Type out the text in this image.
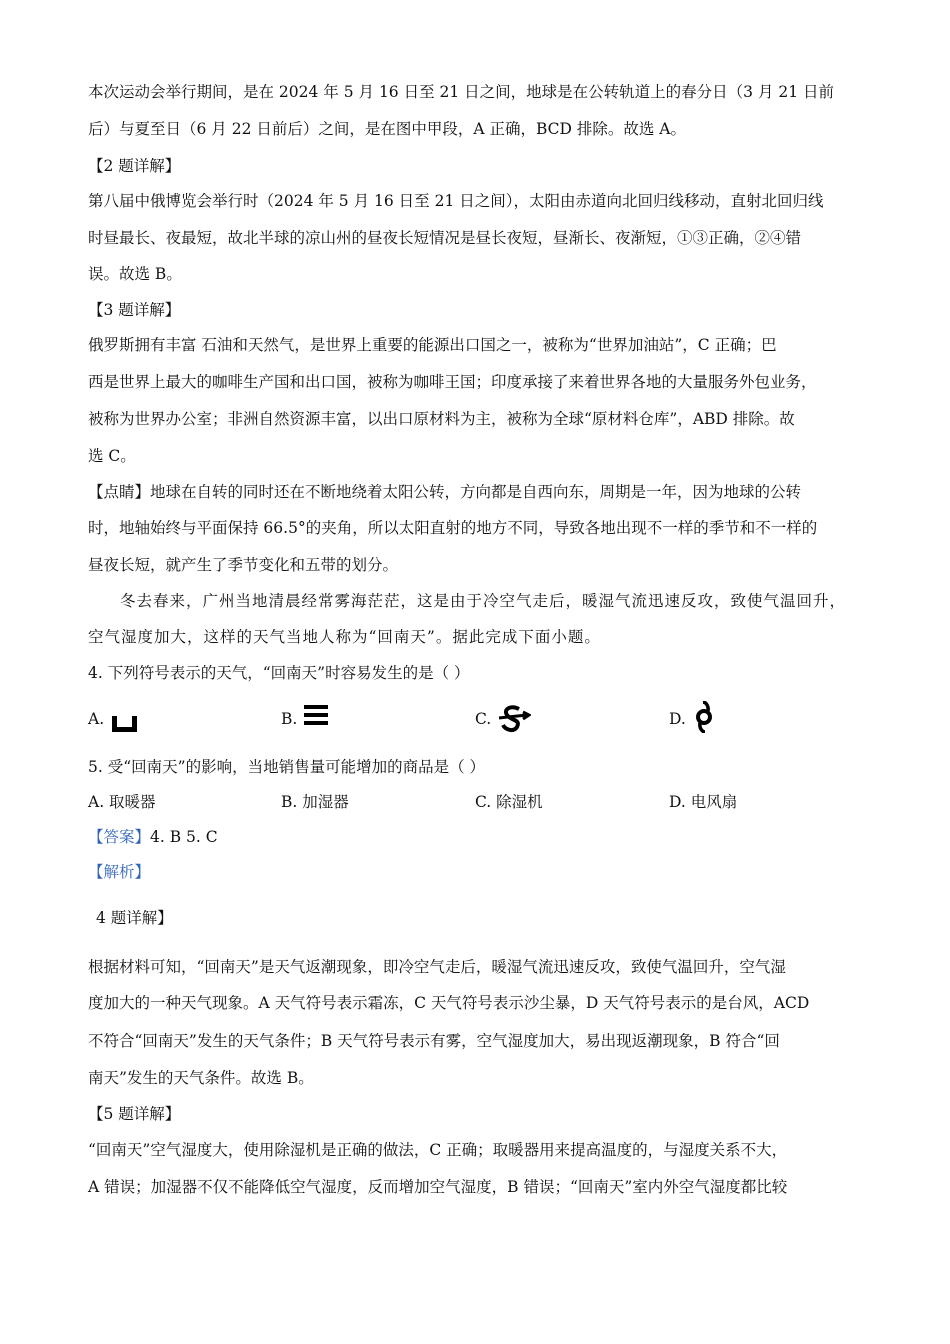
本次运动会举行期间，是在 2024 年 5 月 16 日至 21 日之间，地球是在公转轨道上的春分日（3 月 21 日前
后）与夏至日（6 月 22 日前后）之间，是在图中甲段，A 正确，BCD 排除。故选 A。
【2 题详解】
第八届中俄博览会举行时（2024 年 5 月 16 日至 21 日之间），太阳由赤道向北回归线移动，直射北回归线
时昼最长、夜最短，故北半球的凉山州的昼夜长短情况是昼长夜短，昼渐长、夜渐短，①③正确，②④错
误。故选 B。
【3 题详解】
俄罗斯拥有丰富 石油和天然气，是世界上重要的能源出口国之一，被称为“世界加油站”，C 正确；巴
西是世界上最大的咖啡生产国和出口国，被称为咖啡王国；印度承接了来着世界各地的大量服务外包业务，
被称为世界办公室；非洲自然资源丰富，以出口原材料为主，被称为全球“原材料仓库”，ABD 排除。故
选 C。
【点睛】地球在自转的同时还在不断地绕着太阳公转，方向都是自西向东，周期是一年，因为地球的公转
时，地轴始终与平面保持 66.5°的夹角，所以太阳直射的地方不同，导致各地出现不一样的季节和不一样的
昼夜长短，就产生了季节变化和五带的划分。
冬去春来，广州当地清晨经常雾海茫茫，这是由于冷空气走后，暖湿气流迅速反攻，致使气温回升，
空气湿度加大，这样的天气当地人称为“回南天”。据此完成下面小题。
4. 下列符号表示的天气，“回南天”时容易发生的是（ ）
A.	B.	C.	D.
5. 受“回南天”的影响，当地销售量可能增加的商品是（ ）
A. 取暖器	B. 加湿器	C. 除湿机	D. 电风扇
【答案】4. B 5. C
【解析】
4 题详解】
根据材料可知，“回南天”是天气返潮现象，即冷空气走后，暖湿气流迅速反攻，致使气温回升，空气湿
度加大的一种天气现象。A 天气符号表示霜冻，C 天气符号表示沙尘暴，D 天气符号表示的是台风，ACD
不符合“回南天”发生的天气条件；B 天气符号表示有雾，空气湿度加大，易出现返潮现象，B 符合“回
南天”发生的天气条件。故选 B。
【5 题详解】
“回南天”空气湿度大，使用除湿机是正确的做法，C 正确；取暖器用来提高温度的，与湿度关系不大，
A 错误；加湿器不仅不能降低空气湿度，反而增加空气湿度，B 错误；“回南天”室内外空气湿度都比较
